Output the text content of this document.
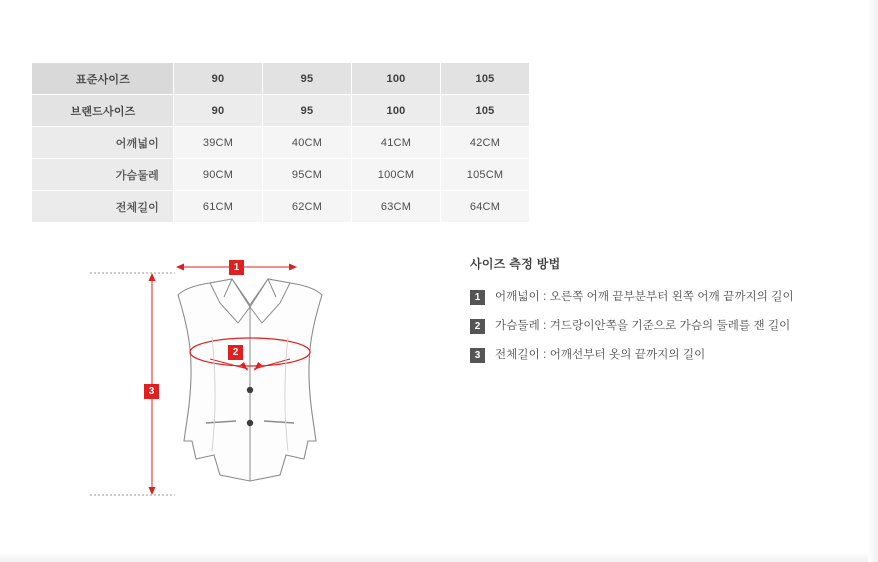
표준사이즈	90	95	100	105
브랜드사이즈	90	95	100	105
어깨넓이	39CM	40CM	41CM	42CM
가슴둘레	90CM	95CM	100CM	105CM
전체길이	61CM	62CM	63CM	64CM
1
2
3
사이즈 측정 방법
1	어깨넓이 : 오른쪽 어깨 끝부분부터 왼쪽 어깨 끝까지의 길이
2	가슴둘레 : 겨드랑이안쪽을 기준으로 가슴의 둘레를 잰 길이
3	전체길이 : 어깨선부터 옷의 끝까지의 길이
